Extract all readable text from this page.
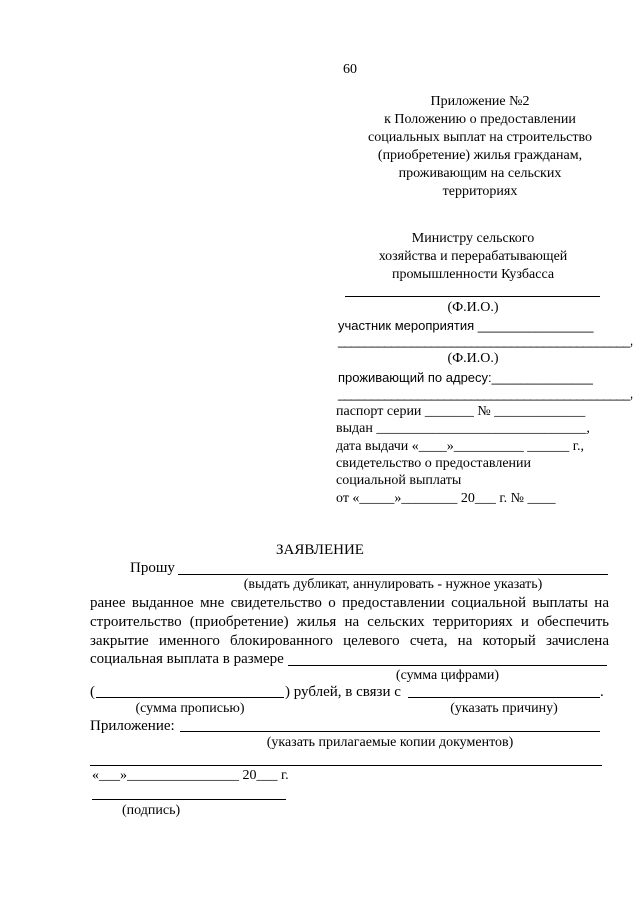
60
Приложение №2
к Положению о предоставлении
социальных выплат на строительство
(приобретение) жилья гражданам,
проживающим на сельских
территориях
Министру сельского
хозяйства и перерабатывающей
промышленности Кузбасса
(Ф.И.О.)
участник мероприятия ________________
____________________________________________,
(Ф.И.О.)
проживающий по адресу:______________
____________________________________________,
паспорт серии _______ № _____________
выдан ______________________________,
дата выдачи «____»__________ ______ г.,
свидетельство о предоставлении
социальной выплаты
от «_____»________ 20___ г. № ____
ЗАЯВЛЕНИЕ
Прошу
(выдать дубликат, аннулировать - нужное указать)
ранее выданное мне свидетельство о предоставлении социальной выплаты на
строительство (приобретение) жилья на сельских территориях и обеспечить
закрытие именного блокированного целевого счета, на который зачислена
социальная выплата в размере
(сумма цифрами)
(	) рублей, в связи с	.
(сумма прописью)	(указать причину)
Приложение:
(указать прилагаемые копии документов)
«___»________________ 20___ г.
(подпись)
